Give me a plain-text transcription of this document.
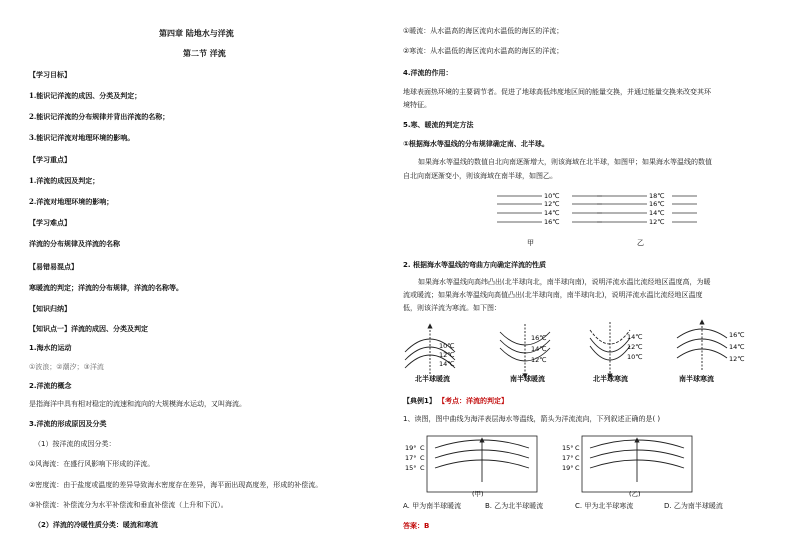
第四章 陆地水与洋流
第二节 洋流
【学习目标】
1.能识记洋流的成因、分类及判定；
2.能识记洋流的分布规律并背出洋流的名称；
3.能识记洋流对地理环境的影响。
【学习重点】
1.洋流的成因及判定；
2.洋流对地理环境的影响；
【学习难点】
洋流的分布规律及洋流的名称
【易错易混点】
寒暖流的判定；洋流的分布规律，洋流的名称等。
【知识归纳】
【知识点一】洋流的成因、分类及判定
1.海水的运动
①波浪；②潮汐；③洋流
2.洋流的概念
是指海洋中具有相对稳定的流速和流向的大规模海水运动，又叫海流。
3.洋流的形成原因及分类
（1）按洋流的成因分类：
①风海流：在盛行风影响下形成的洋流。
②密度流：由于盐度或温度的差异导致海水密度存在差异，海平面出现高度差，形成的补偿流。
③补偿流：补偿流分为水平补偿流和垂直补偿流（上升和下沉）。
（2）洋流的冷暖性质分类：暖流和寒流
①暖流：从水温高的海区流向水温低的海区的洋流；
②寒流：从水温低的海区流向水温高的海区的洋流；
4.洋流的作用：
地球表面热环境的主要调节者。促进了地球高低纬度地区间的能量交换，并通过能量交换来改变其环
境特征。
5.寒、暖流的判定方法
①根据海水等温线的分布规律确定南、北半球。
如果海水等温线的数值自北向南逐渐增大，则该海域在北半球，如图甲；如果海水等温线的数值
自北向南逐渐变小，则该海域在南半球，如图乙。
10℃
12℃
14℃
16℃
18℃
16℃
14℃
12℃
甲	乙
2. 根据海水等温线的弯曲方向确定洋流的性质
如果海水等温线向高纬凸出(北半球向北，南半球向南)，说明洋流水温比流经地区温度高，为暖
流或暖流；如果海水等温线向高值凸出(北半球向南，南半球向北)，说明洋流水温比流经地区温度
低，则该洋流为寒流。如下图：
10℃
12℃
14℃
16℃
14℃
12℃
14℃
12℃
10℃
16℃
14℃
12℃
北半球暖流	南半球暖流	北半球寒流	南半球寒流
【典例1】 【考点：洋流的判定】
1、读图，图中曲线为海洋表层海水等温线，箭头为洋流流向，下列叙述正确的是( )
19°
17°
15°
C
C
C
(甲)
15°
17°
19°
C
C
C
(乙)
A. 甲为南半球暖流	B. 乙为北半球暖流	C. 甲为北半球寒流	D. 乙为南半球暖流
答案：B
